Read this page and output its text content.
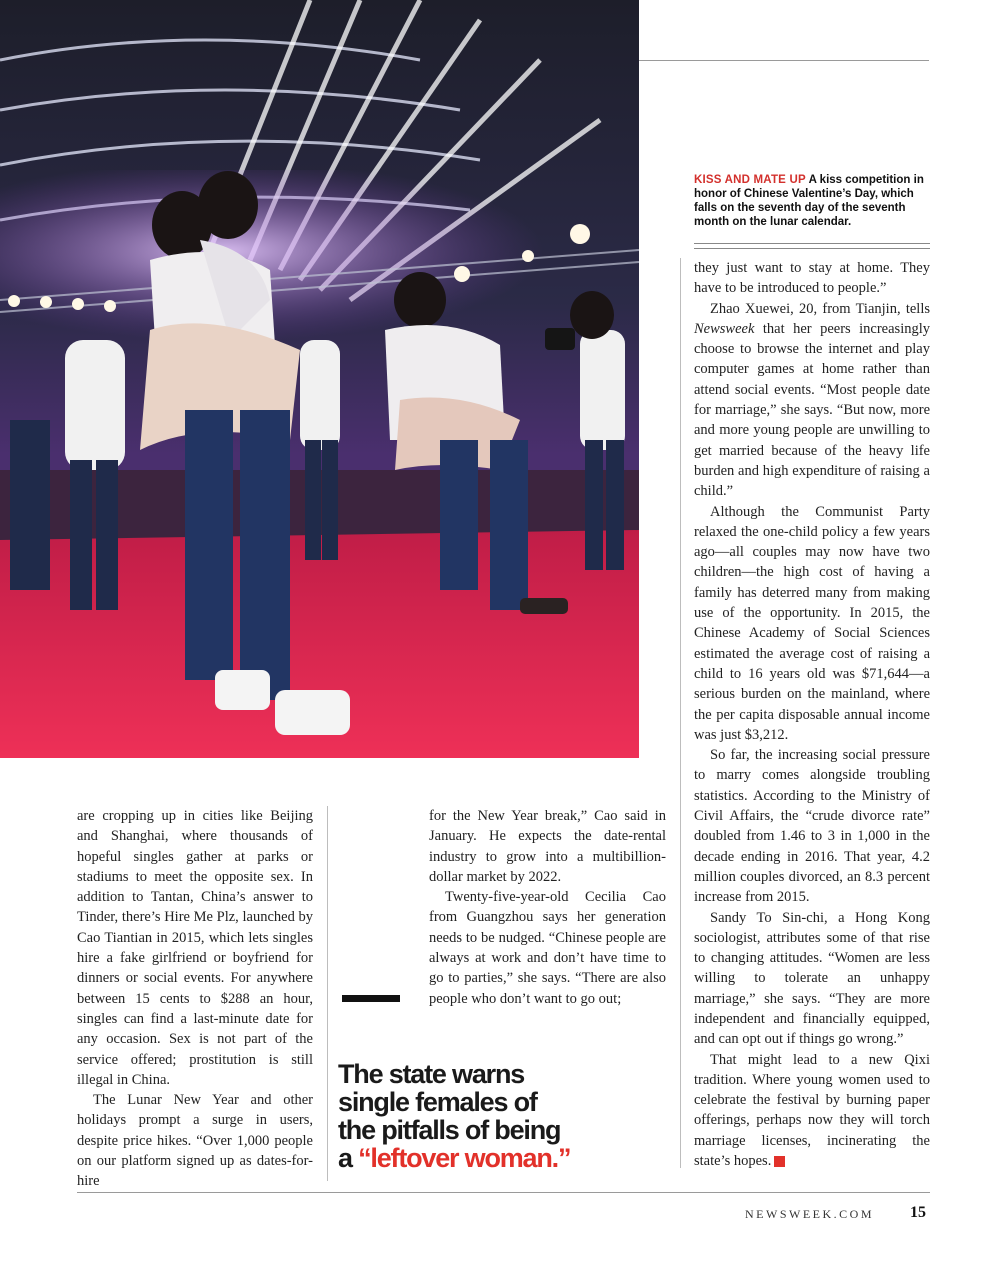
KISS AND MATE UP A kiss competition in honor of Chinese Valentine’s Day, which falls on the seventh day of the seventh month on the lunar calendar.

are cropping up in cities like Beijing and Shanghai, where thousands of hopeful singles gather at parks or stadiums to meet the opposite sex. In addition to Tantan, China’s answer to Tinder, there’s Hire Me Plz, launched by Cao Tiantian in 2015, which lets singles hire a fake girlfriend or boyfriend for dinners or social events. For anywhere between 15 cents to $288 an hour, singles can find a last-minute date for any occasion. Sex is not part of the service offered; prostitution is still illegal in China.

The Lunar New Year and other holidays prompt a surge in users, despite price hikes. “Over 1,000 people on our platform signed up as dates-for-hire

for the New Year break,” Cao said in January. He expects the date-rental industry to grow into a multibillion-dollar market by 2022.

Twenty-five-year-old Cecilia Cao from Guangzhou says her generation needs to be nudged. “Chinese people are always at work and don’t have time to go to parties,” she says. “There are also people who don’t want to go out;

they just want to stay at home. They have to be introduced to people.”

Zhao Xuewei, 20, from Tianjin, tells Newsweek that her peers increasingly choose to browse the internet and play computer games at home rather than attend social events. “Most people date for marriage,” she says. “But now, more and more young people are unwilling to get married because of the heavy life burden and high expenditure of raising a child.”

Although the Communist Party relaxed the one-child policy a few years ago—all couples may now have two children—the high cost of having a family has deterred many from making use of the opportunity. In 2015, the Chinese Academy of Social Sciences estimated the average cost of raising a child to 16 years old was $71,644—a serious burden on the mainland, where the per capita disposable annual income was just $3,212.

So far, the increasing social pressure to marry comes alongside troubling statistics. According to the Ministry of Civil Affairs, the “crude divorce rate” doubled from 1.46 to 3 in 1,000 in the decade ending in 2016. That year, 4.2 million couples divorced, an 8.3 percent increase from 2015.

Sandy To Sin-chi, a Hong Kong sociologist, attributes some of that rise to changing attitudes. “Women are less willing to tolerate an unhappy marriage,” she says. “They are more independent and financially equipped, and can opt out if things go wrong.”

That might lead to a new Qixi tradition. Where young women used to celebrate the festival by burning paper offerings, perhaps now they will torch marriage licenses, incinerating the state’s hopes. N

The state warns
single females of
the pitfalls of being
a “leftover woman.”
NEWSWEEK.COM 15
